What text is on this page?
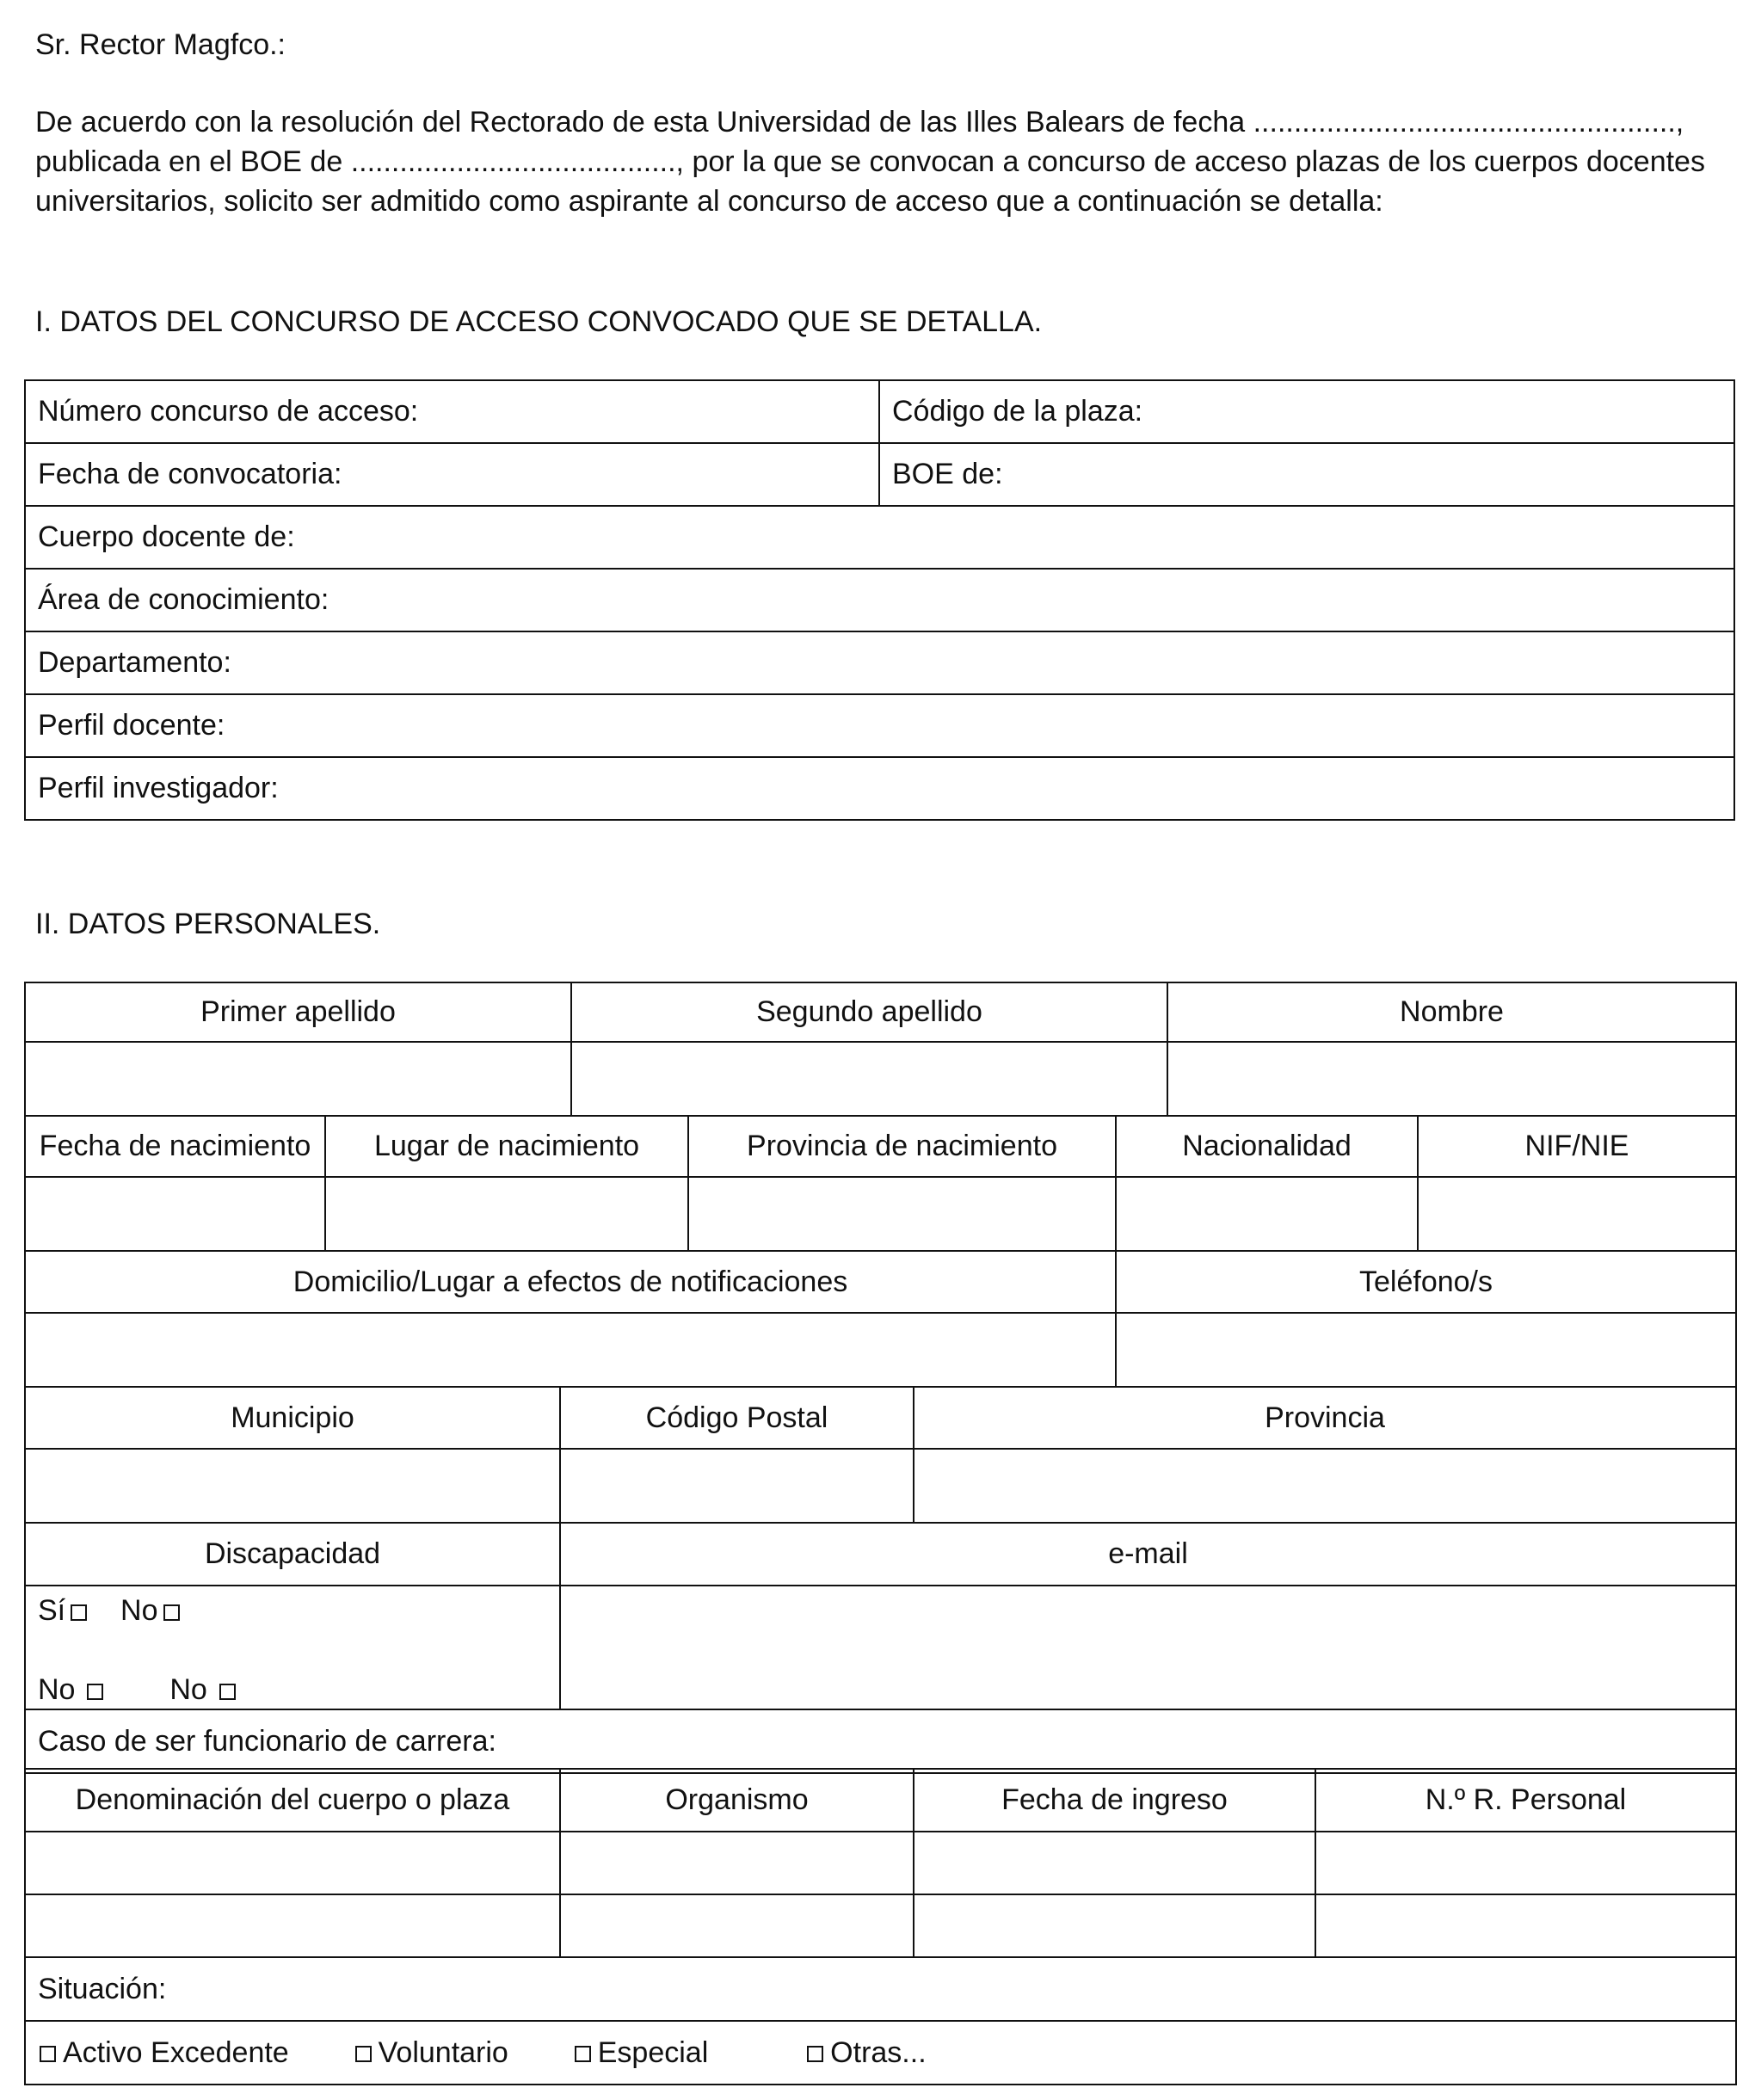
Sr. Rector Magfco.:
De acuerdo con la resolución del Rectorado de esta Universidad de las Illes Balears de fecha ....................................................,
publicada en el BOE de ........................................, por la que se convocan a concurso de acceso plazas de los cuerpos docentes
universitarios, solicito ser admitido como aspirante al concurso de acceso que a continuación se detalla:
I. DATOS DEL CONCURSO DE ACCESO CONVOCADO QUE SE DETALLA.
Número concurso de acceso:	Código de la plaza:
Fecha de convocatoria:	BOE de:
Cuerpo docente de:	
Área de conocimiento:	
Departamento:	
Perfil docente:	
Perfil investigador:	
II. DATOS PERSONALES.
Primer apellido	Segundo apellido	Nombre

Fecha de nacimiento	Lugar de nacimiento	Provincia de nacimiento	Nacionalidad	NIF/NIE

Domicilio/Lugar a efectos de notificaciones	Teléfono/s

Municipio	Código Postal	Provincia

Discapacidad	e-mail

Sí No
No No	

Caso de ser funcionario de carrera:	
Denominación del cuerpo o plaza	Organismo	Fecha de ingreso	N.º R. Personal

Situación:			
Activo Excedente Voluntario Especial Otras...			
